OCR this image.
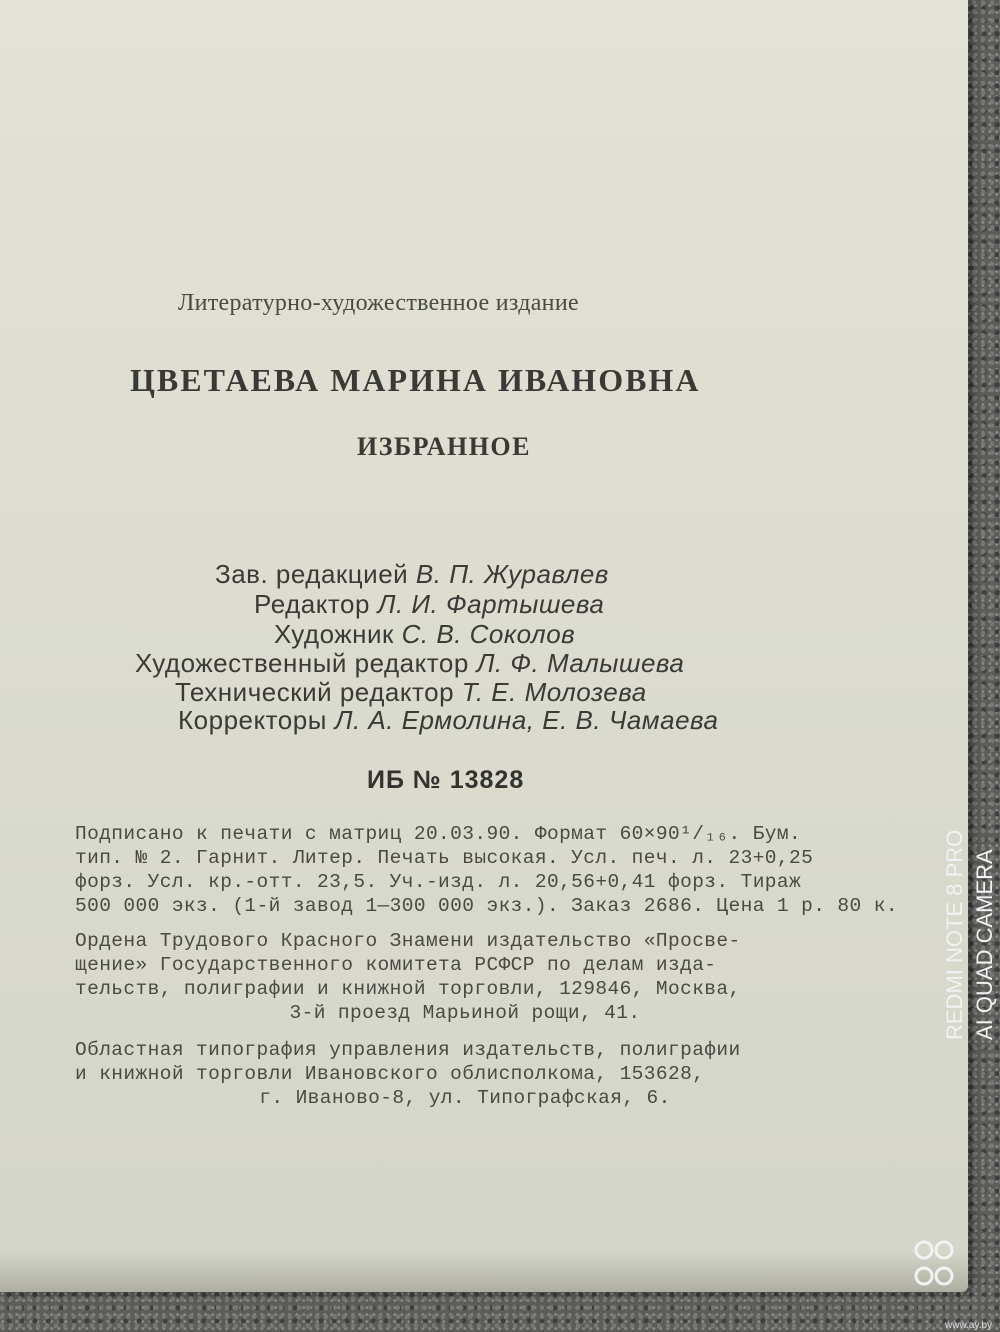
Литературно-художественное издание
ЦВЕТАЕВА МАРИНА ИВАНОВНА
ИЗБРАННОЕ
Зав. редакцией В. П. Журавлев
Редактор Л. И. Фартышева
Художник С. В. Соколов
Художественный редактор Л. Ф. Малышева
Технический редактор Т. Е. Молозева
Корректоры Л. А. Ермолина, Е. В. Чамаева
ИБ № 13828
Подписано к печати с матриц 20.03.90. Формат 60×90¹/₁₆. Бум.
тип. № 2. Гарнит. Литер. Печать высокая. Усл. печ. л. 23+0,25
форз. Усл. кр.-отт. 23,5. Уч.-изд. л. 20,56+0,41 форз. Тираж
500 000 экз. (1-й завод 1—300 000 экз.). Заказ 2686. Цена 1 р. 80 к.
Ордена Трудового Красного Знамени издательство «Просве-
щение» Государственного комитета РСФСР по делам изда-
тельств, полиграфии и книжной торговли, 129846, Москва,
3-й проезд Марьиной рощи, 41.
Областная типография управления издательств, полиграфии
и книжной торговли Ивановского облисполкома, 153628,
г. Иваново-8, ул. Типографская, 6.
REDMI NOTE 8 PRO AI QUAD CAMERA
www.ay.by
